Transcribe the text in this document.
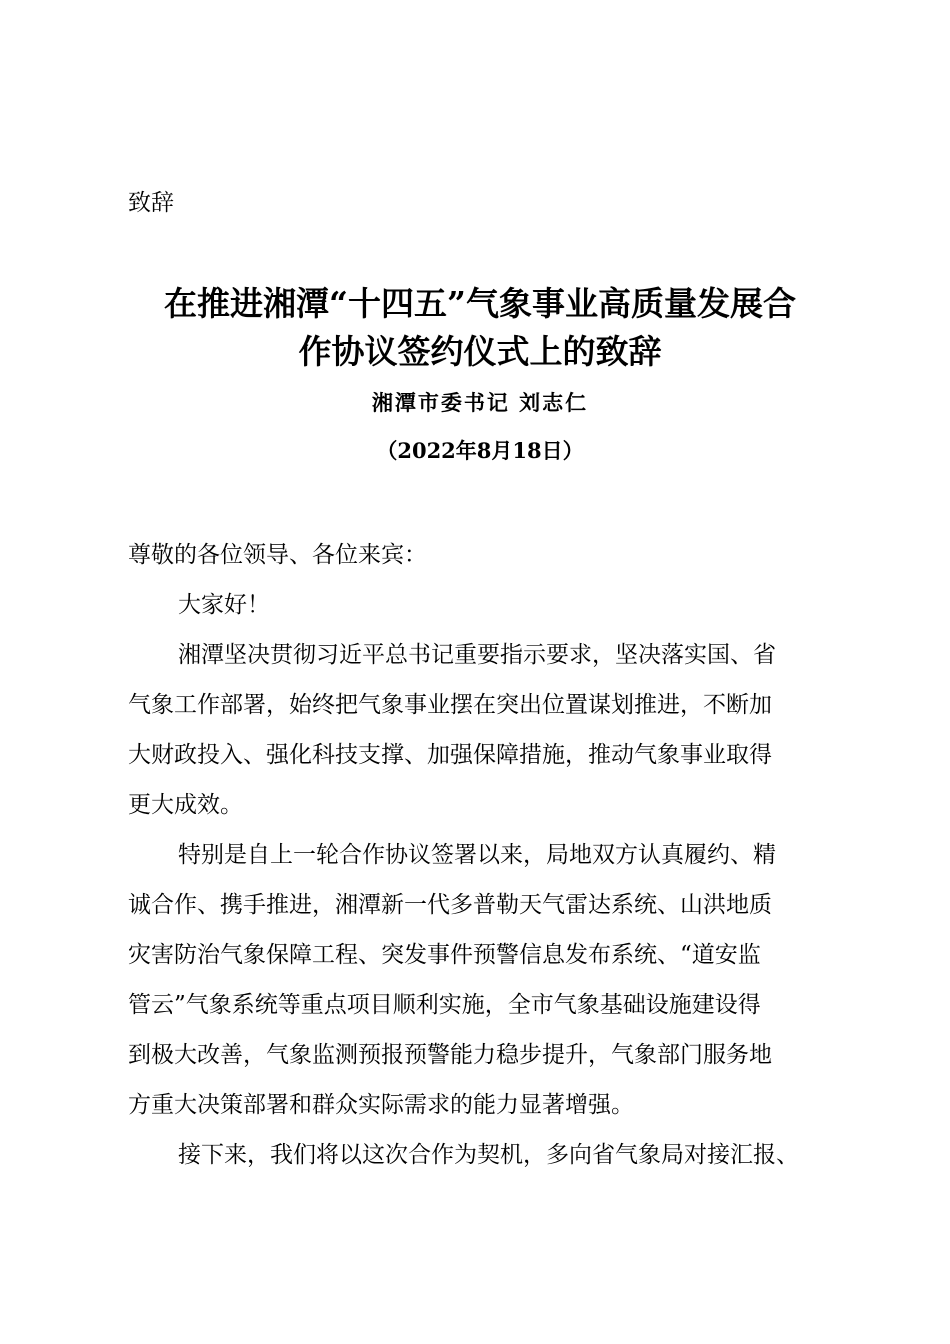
致辞
在推进湘潭“十四五”气象事业高质量发展合
作协议签约仪式上的致辞
湘潭市委书记 刘志仁
（2022年8月18日）

尊敬的各位领导、各位来宾：

大家好！

湘潭坚决贯彻习近平总书记重要指示要求，坚决落实国、省

气象工作部署，始终把气象事业摆在突出位置谋划推进，不断加

大财政投入、强化科技支撑、加强保障措施，推动气象事业取得

更大成效。

特别是自上一轮合作协议签署以来，局地双方认真履约、精

诚合作、携手推进，湘潭新一代多普勒天气雷达系统、山洪地质

灾害防治气象保障工程、突发事件预警信息发布系统、“道安监

管云”气象系统等重点项目顺利实施，全市气象基础设施建设得

到极大改善，气象监测预报预警能力稳步提升，气象部门服务地

方重大决策部署和群众实际需求的能力显著增强。

接下来，我们将以这次合作为契机，多向省气象局对接汇报、
